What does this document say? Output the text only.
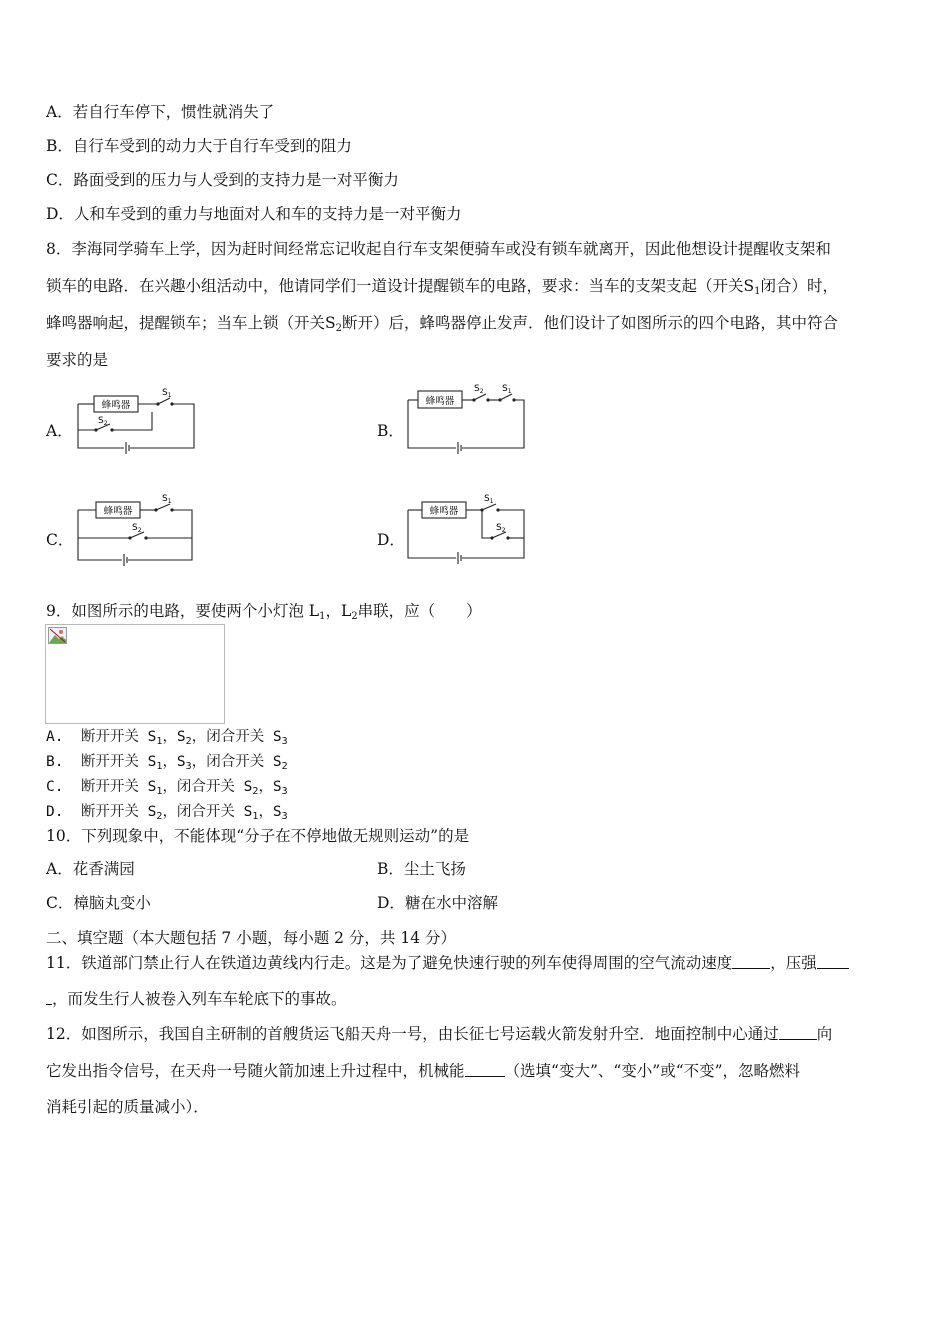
A．若自行车停下，惯性就消失了
B．自行车受到的动力大于自行车受到的阻力
C．路面受到的压力与人受到的支持力是一对平衡力
D．人和车受到的重力与地面对人和车的支持力是一对平衡力
8．李海同学骑车上学，因为赶时间经常忘记收起自行车支架便骑车或没有锁车就离开，因此他想设计提醒收支架和
锁车的电路．在兴趣小组活动中，他请同学们一道设计提醒锁车的电路，要求：当车的支架支起（开关$S_1$闭合）时，
蜂鸣器响起，提醒锁车；当车上锁（开关$S_2$断开）后，蜂鸣器停止发声．他们设计了如图所示的四个电路，其中符合
要求的是
A．	B．
C．	D．
蜂鸣器
$S_1$
$S_2$
蜂鸣器
$S_2$ $S_1$
蜂鸣器
$S_1$
$S_2$
蜂鸣器
$S_1$
$S_2$
9．如图所示的电路，要使两个小灯泡 $L_1$，$L_2$串联，应（　　）
A. 断开开关 $S_1$，$S_2$，闭合开关 $S_3$
B. 断开开关 $S_1$，$S_3$，闭合开关 $S_2$
C. 断开开关 $S_1$，闭合开关 $S_2$，$S_3$
D. 断开开关 $S_2$，闭合开关 $S_1$，$S_3$
10．下列现象中，不能体现“分子在不停地做无规则运动”的是
A．花香满园	B．尘土飞扬
C．樟脑丸变小	D．糖在水中溶解
二、填空题（本大题包括 7 小题，每小题 2 分，共 14 分）
11．铁道部门禁止行人在铁道边黄线内行走。这是为了避免快速行驶的列车使得周围的空气流动速度 ，压强
，而发生行人被卷入列车车轮底下的事故。
12．如图所示，我国自主研制的首艘货运飞船天舟一号，由长征七号运载火箭发射升空．地面控制中心通过 向
它发出指令信号，在天舟一号随火箭加速上升过程中，机械能	（选填“变大”、“变小”或“不变”，忽略燃料
消耗引起的质量减小）．
